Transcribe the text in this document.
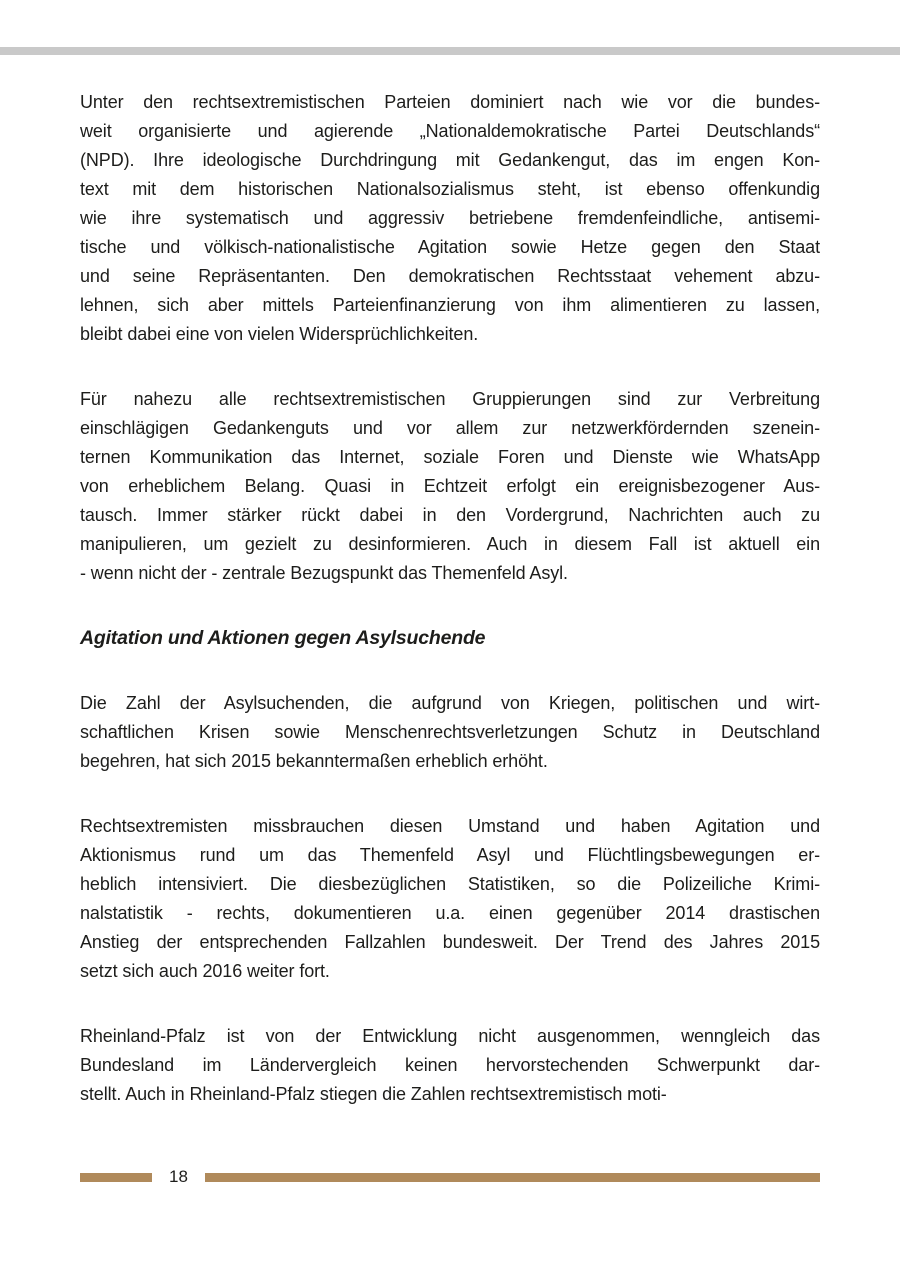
Unter den rechtsextremistischen Parteien dominiert nach wie vor die bundes-
weit organisierte und agierende „Nationaldemokratische Partei Deutschlands“
(NPD). Ihre ideologische Durchdringung mit Gedankengut, das im engen Kon-
text mit dem historischen Nationalsozialismus steht, ist ebenso offenkundig
wie ihre systematisch und aggressiv betriebene fremdenfeindliche, antisemi-
tische und völkisch-nationalistische Agitation sowie Hetze gegen den Staat
und seine Repräsentanten. Den demokratischen Rechtsstaat vehement abzu-
lehnen, sich aber mittels Parteienfinanzierung von ihm alimentieren zu lassen,
bleibt dabei eine von vielen Widersprüchlichkeiten.
Für nahezu alle rechtsextremistischen Gruppierungen sind zur Verbreitung
einschlägigen Gedankenguts und vor allem zur netzwerkfördernden szenein-
ternen Kommunikation das Internet, soziale Foren und Dienste wie WhatsApp
von erheblichem Belang. Quasi in Echtzeit erfolgt ein ereignisbezogener Aus-
tausch. Immer stärker rückt dabei in den Vordergrund, Nachrichten auch zu
manipulieren, um gezielt zu desinformieren. Auch in diesem Fall ist aktuell ein
- wenn nicht der - zentrale Bezugspunkt das Themenfeld Asyl.
Agitation und Aktionen gegen Asylsuchende
Die Zahl der Asylsuchenden, die aufgrund von Kriegen, politischen und wirt-
schaftlichen Krisen sowie Menschenrechtsverletzungen Schutz in Deutschland
begehren, hat sich 2015 bekanntermaßen erheblich erhöht.
Rechtsextremisten missbrauchen diesen Umstand und haben Agitation und
Aktionismus rund um das Themenfeld Asyl und Flüchtlingsbewegungen er-
heblich intensiviert. Die diesbezüglichen Statistiken, so die Polizeiliche Krimi-
nalstatistik - rechts, dokumentieren u.a. einen gegenüber 2014 drastischen
Anstieg der entsprechenden Fallzahlen bundesweit. Der Trend des Jahres 2015
setzt sich auch 2016 weiter fort.
Rheinland-Pfalz ist von der Entwicklung nicht ausgenommen, wenngleich das
Bundesland im Ländervergleich keinen hervorstechenden Schwerpunkt dar-
stellt. Auch in Rheinland-Pfalz stiegen die Zahlen rechtsextremistisch moti-
18
